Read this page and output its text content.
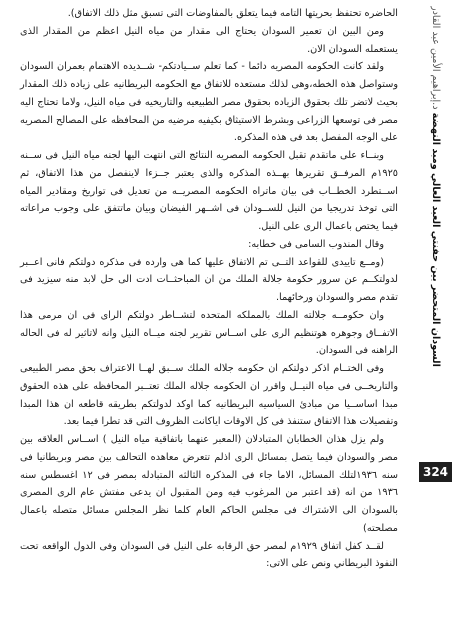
السودان المتحضر بين حفنتي العبد العالي ومبد النهضة د.إبراهيم الأمين عبد القادر
324

الحاضره تحتفظ بحريتها التامه فيما يتعلق بالمفاوضات التى تسبق مثل ذلك الاتفاق).

ومن البين ان تعمير السودان يحتاج الى مقدار من مياه النيل اعظم من المقدار الذى يستعمله السودان الان.

ولقد كانت الحكومه المصريه دائما - كما تعلم ســيادتكم- شــديده الاهتمام بعمران السودان وستواصل هذه الخطه،وهى لذلك مستعده للاتفاق مع الحكومه البريطانيه على زياده ذلك المقدار بحيث لاتضر تلك بحقوق الزياده بحقوق مصر الطبيعيه والتاريخيه فى مياه النيل، ولاما تحتاج اليه مصر فى توسعها الزراعى وبشرط الاستيثاق بكيفيه مرضيه من المحافظه على المصالح المصريه على الوجه المفصل بعد فى هذه المذكره.

وبنــاء على ماتقدم تقبل الحكومه المصريه النتائج التى انتهت اليها لجنه مياه النيل فى ســنه ١٩٢٥م المرفــق تقريرها بهــذه المذكره والذى يعتبر جــزءا لاينفصل من هذا الاتفاق، ثم اســتطرد الخطــاب فى بيان ماتراه الحكومه المصريــه من تعديل فى تواريخ ومقادير المياه التى توخذ تدريجيا من النيل للســودان فى اشــهر الفيضان وبيان ماتتفق على وجوب مراعاته فيما يختص باعمال الرى على النيل.

وقال المندوب السامى فى خطابه:

(ومــع تاييدى للقواعد التــى تم الاتفاق عليها كما هى وارده فى مذكره دولتكم فانى اعــبر لدولتكــم عن سرور حكومة جلالة الملك من ان المباحثــات ادت الى حل لابد منه سيزيد فى تقدم مصر والسودان ورخائهما.

وان حكومــه جلالته الملك بالمملكه المتحده لتشــاطر دولتكم الراى فى ان مرمى هذا الاتفــاق وجوهره هوتنظيم الرى على اســاس تقرير لجنه ميــاه النيل وانه لاتاثير له فى الحاله الراهنه فى السودان.

وفى الختــام اذكر دولتكم ان حكومه جلاله الملك ســبق لهــا الاعتراف بحق مصر الطبيعى والتاريخــى فى مياه النيــل واقرر ان الحكومه جلاله الملك تعتــبر المحافظه على هذه الحقوق مبدا اساســيا من مبادئ السياسيه البريطانيه كما اوكد لدولتكم بطريقه قاطعه ان هذا المبدا وتفصيلات هذا الاتفاق ستنفذ فى كل الاوقات اياكانت الظروف التى قد تطرا فيما بعد.

ولم يزل هذان الخطابان المتبادلان (المعبر عنهما باتفاقية مياه النيل ) اســاس العلاقه بين مصر والسودان فيما يتصل بمسائل الرى اذلم تتعرض معاهده التحالف بين مصر وبريطانيا فى سنه ١٩٣٦لتلك المسائل، الاما جاء فى المذكره الثالثه المتبادله بمصر فى ١٢ اغسطس سنه ١٩٣٦ من انه (قد اعتبر من المرغوب فيه ومن المقبول ان يدعى مفتش عام الرى المصرى بالسودان الى الاشتراك فى مجلس الحاكم العام كلما نظر المجلس مسائل متصله باعمال مصلحته)

لقــد كفل اتفاق ١٩٢٩م لمصر حق الرقابه على النيل فى السودان وفى الدول الواقعه تحت النفوذ البريطاني ونص على الاتى:
